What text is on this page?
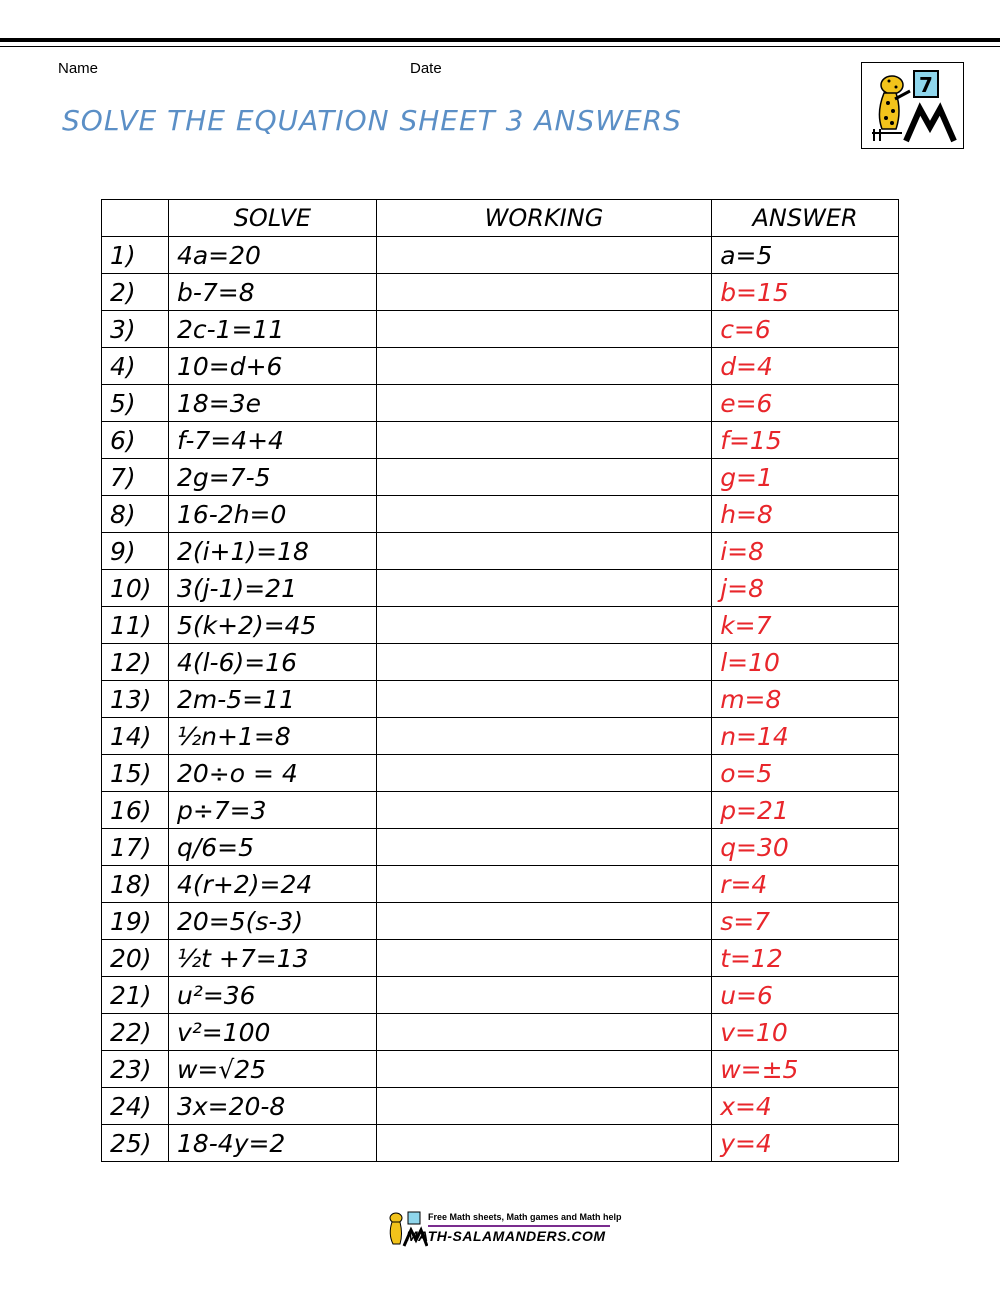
Name	Date
SOLVE THE EQUATION SHEET 3 ANSWERS
7
	SOLVE	WORKING	ANSWER
1)	4a=20		a=5
2)	b-7=8		b=15
3)	2c-1=11		c=6
4)	10=d+6		d=4
5)	18=3e		e=6
6)	f-7=4+4		f=15
7)	2g=7-5		g=1
8)	16-2h=0		h=8
9)	2(i+1)=18		i=8
10)	3(j-1)=21		j=8
11)	5(k+2)=45		k=7
12)	4(l-6)=16		l=10
13)	2m-5=11		m=8
14)	½n+1=8		n=14
15)	20÷o = 4		o=5
16)	p÷7=3		p=21
17)	q/6=5		q=30
18)	4(r+2)=24		r=4
19)	20=5(s-3)		s=7
20)	½t +7=13		t=12
21)	u²=36		u=6
22)	v²=100		v=10
23)	w=√25		w=±5
24)	3x=20-8		x=4
25)	18-4y=2		y=4
Free Math sheets, Math games and Math help
MATH-SALAMANDERS.COM
